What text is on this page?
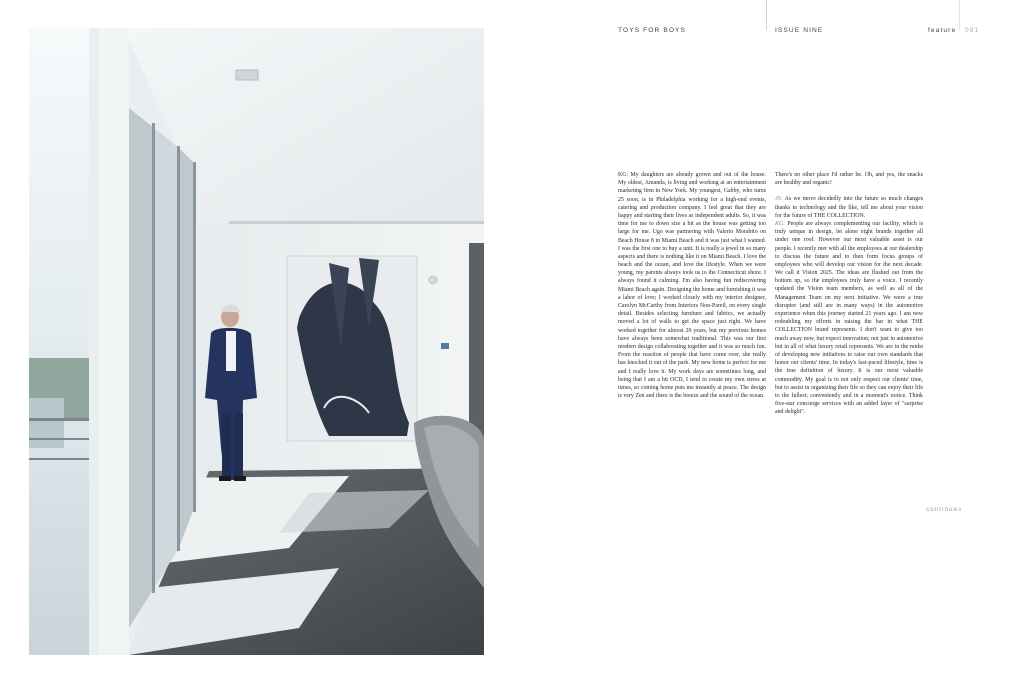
TOYS FOR BOYS	ISSUE NINE	feature 091

KG: My daughters are already grown and out of the house. My oldest, Amanda, is living and working at an entertainment marketing firm in New York. My youngest, Gabby, who turns 25 soon, is in Philadelphia working for a high-end events, catering and production company. I feel great that they are happy and starting their lives as independent adults. So, it was time for me to down size a bit as the house was getting too large for me. Ugo was partnering with Valerio Morabito on Beach House 8 in Miami Beach and it was just what I wanted. I was the first one to buy a unit. It is really a jewel in so many aspects and there is nothing like it on Miami Beach. I love the beach and the ocean, and love the lifestyle. When we were young, my parents always took us to the Connecticut shore. I always found it calming. I'm also having fun rediscovering Miami Beach again. Designing the home and furnishing it was a labor of love; I worked closely with my interior designer, Carolyn McCarthy from Interiors Non-Pareil, on every single detail. Besides selecting furniture and fabrics, we actually moved a lot of walls to get the space just right. We have worked together for almost 20 years, but my previous homes have always been somewhat traditional. This was our first modern design collaborating together and it was so much fun. From the reaction of people that have come over, she really has knocked it out of the park. My new home is perfect for me and I really love it. My work days are sometimes long, and being that I am a bit OCD, I tend to create my own stress at times, so coming home puts me instantly at peace. The design is very Zen and there is the breeze and the sound of the ocean.

There's no other place I'd rather be. Oh, and yes, the snacks are healthy and organic!

JS: As we move decidedly into the future so much changes thanks to technology and the like, tell me about your vision for the future of THE COLLECTION.

KG: People are always complementing our facility, which is truly unique in design, let alone eight brands together all under one roof. However our most valuable asset is our people. I recently met with all the employees at our dealership to discuss the future and to then form focus groups of employees who will develop our vision for the next decade. We call it Vision 2025. The ideas are flushed out from the bottom up, so the employees truly have a voice. I recently updated the Vision team members, as well as all of the Management Team on my next initiative. We were a true disruptor (and still are in many ways) in the automotive experience when this journey started 21 years ago. I am now redoubling my efforts in raising the bar in what THE COLLECTION brand represents. I don't want to give too much away now, but expect innovation; not just in automotive but in all of what luxury retail represents. We are in the midst of developing new initiatives to raise our own standards that honor our clients' time. In today's fast-paced lifestyle, time is the true definition of luxury. It is our most valuable commodity. My goal is to not only respect our clients' time, but to assist in organizing their life so they can enjoy their life to the fullest; conveniently and in a moment's notice. Think five-star concierge services with an added layer of "surprise and delight".

continues
